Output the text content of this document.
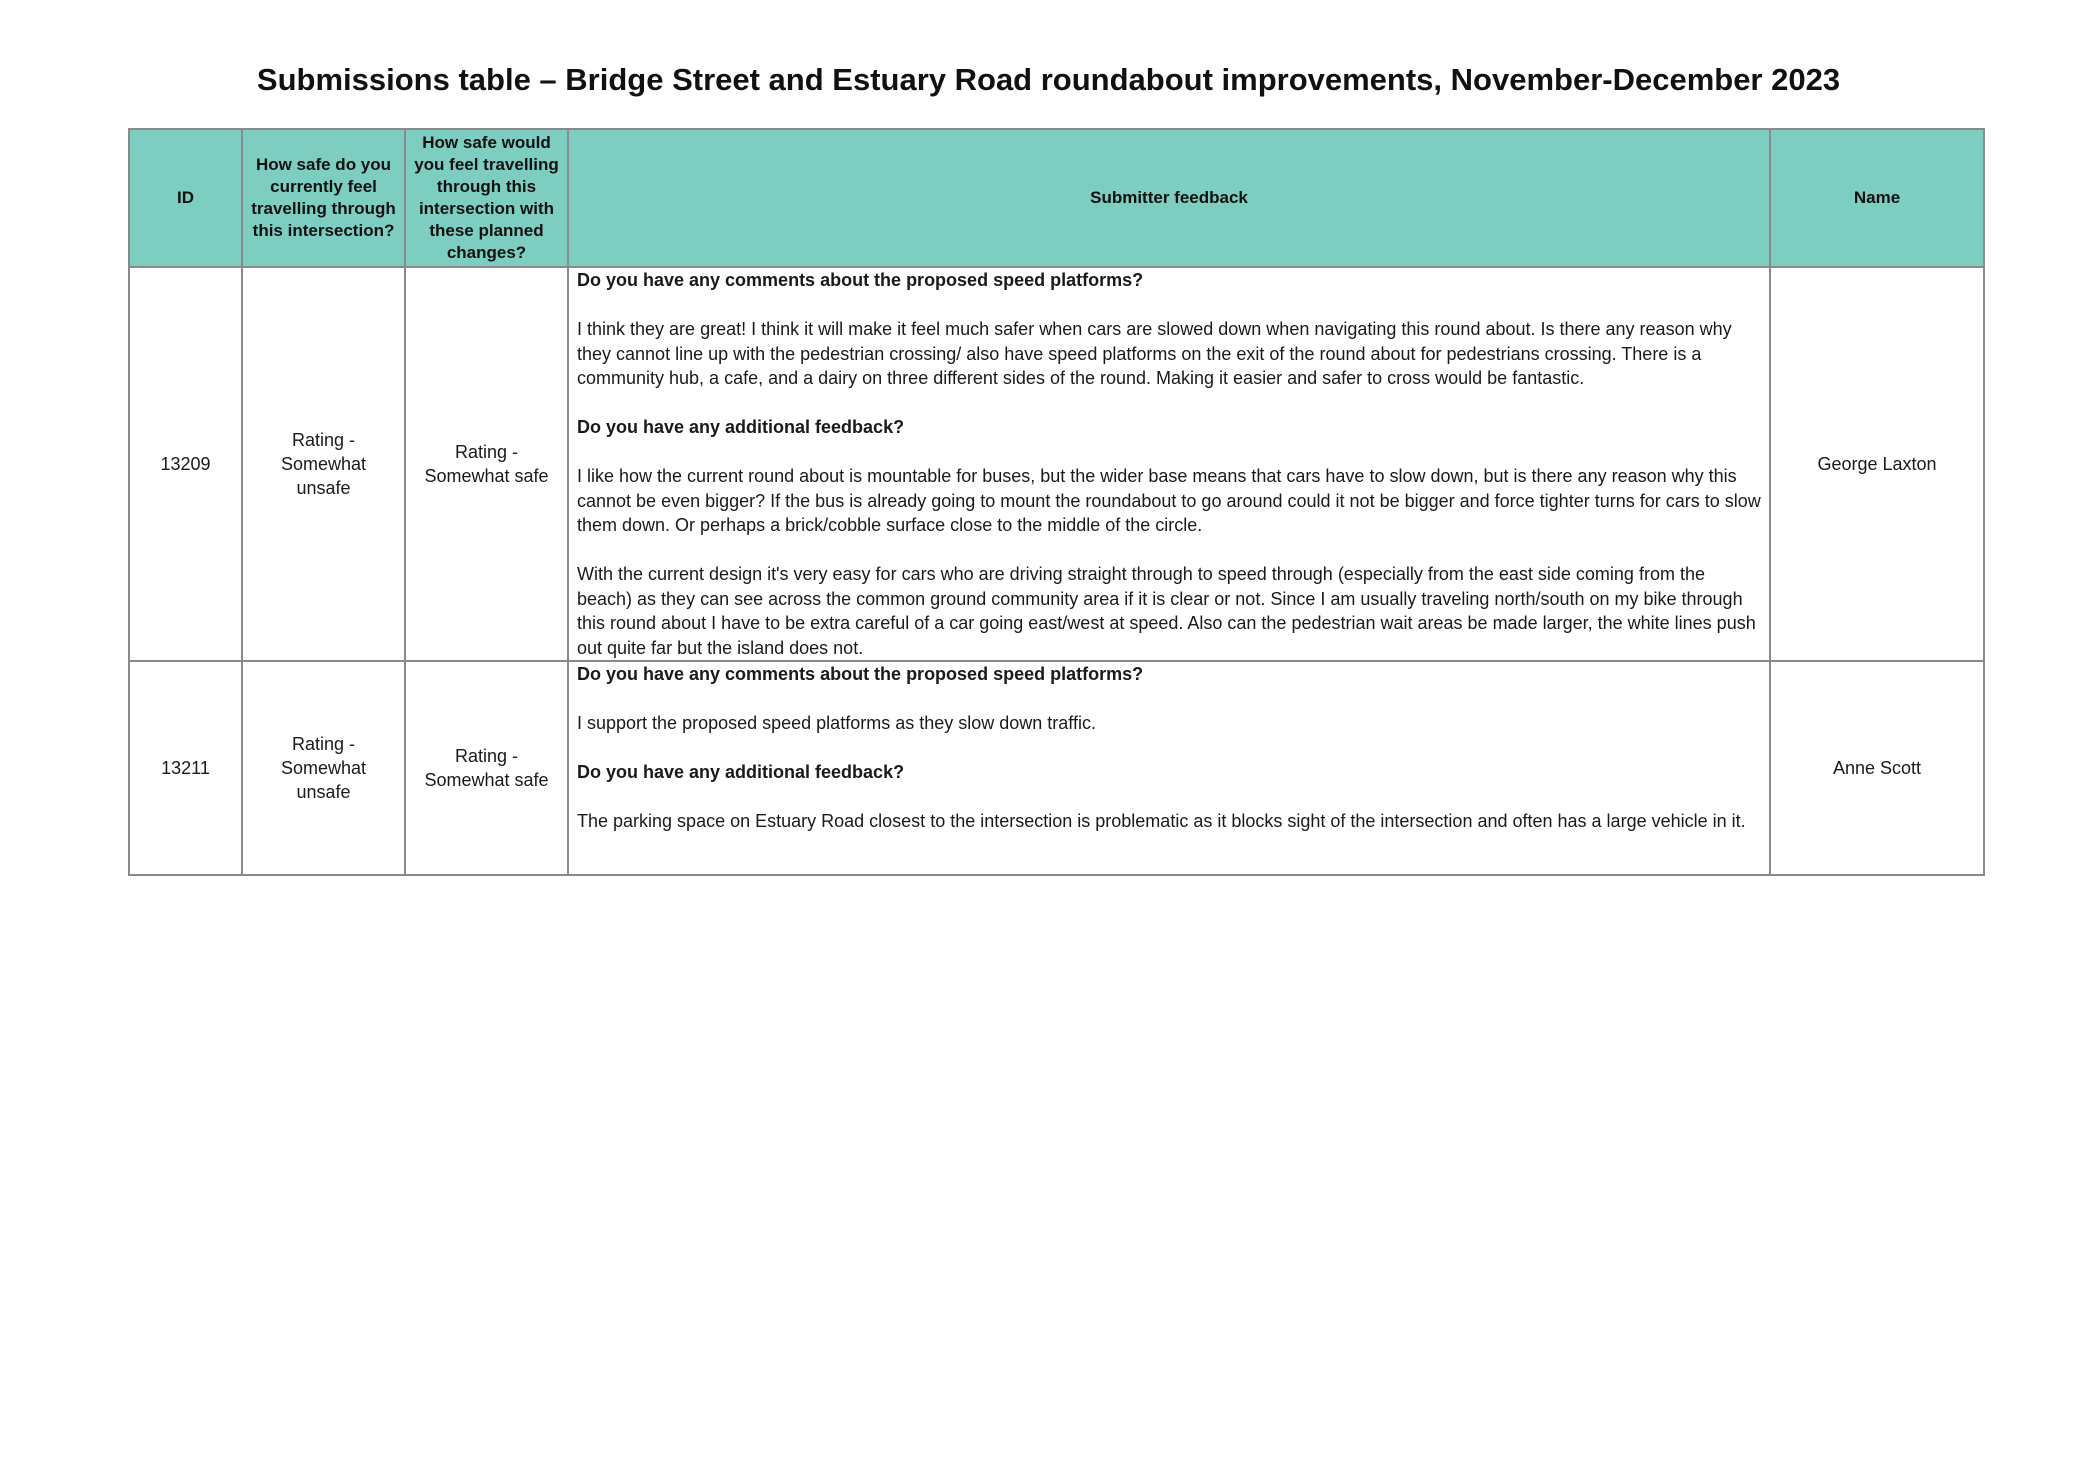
Submissions table – Bridge Street and Estuary Road roundabout improvements, November-December 2023
ID	How safe do you currently feel travelling through this intersection?	How safe would you feel travelling through this intersection with these planned changes?	Submitter feedback	Name

13209	Rating - Somewhat unsafe	Rating - Somewhat safe	Do you have any comments about the proposed speed platforms?

I think they are great! I think it will make it feel much safer when cars are slowed down when navigating this round about. Is there any reason why they cannot line up with the pedestrian crossing/ also have speed platforms on the exit of the round about for pedestrians crossing. There is a community hub, a cafe, and a dairy on three different sides of the round. Making it easier and safer to cross would be fantastic.

Do you have any additional feedback?

I like how the current round about is mountable for buses, but the wider base means that cars have to slow down, but is there any reason why this cannot be even bigger? If the bus is already going to mount the roundabout to go around could it not be bigger and force tighter turns for cars to slow them down. Or perhaps a brick/cobble surface close to the middle of the circle.

With the current design it's very easy for cars who are driving straight through to speed through (especially from the east side coming from the beach) as they can see across the common ground community area if it is clear or not. Since I am usually traveling north/south on my bike through this round about I have to be extra careful of a car going east/west at speed. Also can the pedestrian wait areas be made larger, the white lines push out quite far but the island does not.	George Laxton

13211	Rating - Somewhat unsafe	Rating - Somewhat safe	Do you have any comments about the proposed speed platforms?

I support the proposed speed platforms as they slow down traffic.

Do you have any additional feedback?

The parking space on Estuary Road closest to the intersection is problematic as it blocks sight of the intersection and often has a large vehicle in it.	Anne Scott
